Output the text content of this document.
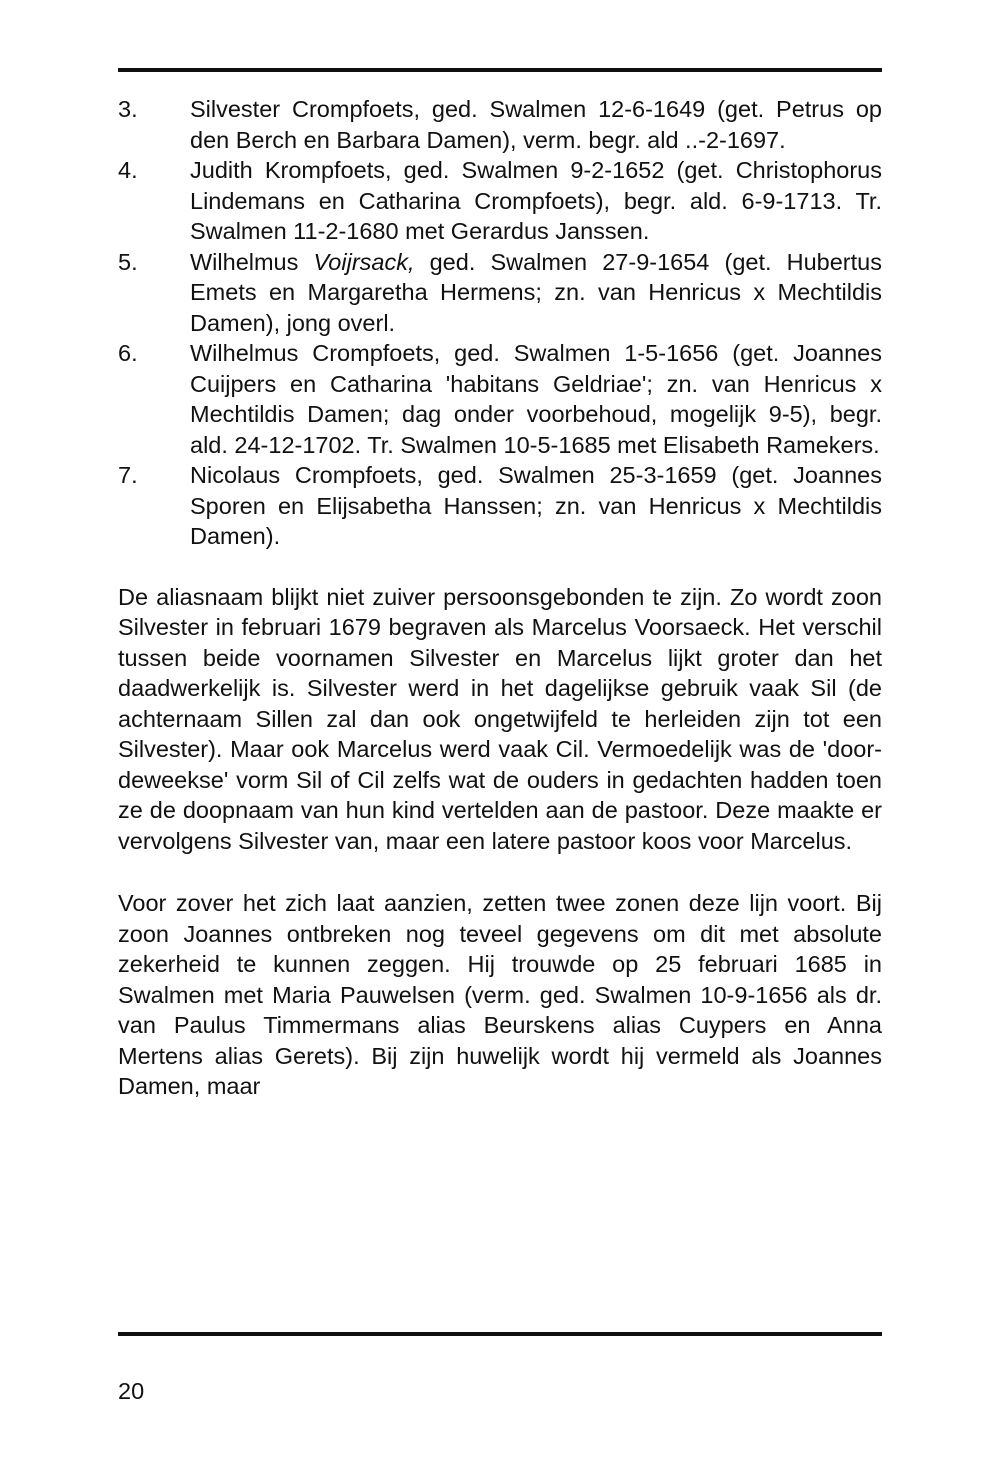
3.	Silvester Crompfoets, ged. Swalmen 12-6-1649 (get. Petrus op den Berch en Barbara Damen), verm. begr. ald ..-2-1697.
4.	Judith Krompfoets, ged. Swalmen 9-2-1652 (get. Christophorus Lindemans en Catharina Crompfoets), begr. ald. 6-9-1713. Tr. Swalmen 11-2-1680 met Gerardus Janssen.
5.	Wilhelmus Voijrsack, ged. Swalmen 27-9-1654 (get. Hubertus Emets en Margaretha Hermens; zn. van Henricus x Mechtildis Damen), jong overl.
6.	Wilhelmus Crompfoets, ged. Swalmen 1-5-1656 (get. Joannes Cuijpers en Catharina 'habitans Geldriae'; zn. van Henricus x Mechtildis Damen; dag onder voorbehoud, mogelijk 9-5), begr. ald. 24-12-1702. Tr. Swalmen 10-5-1685 met Elisabeth Ramekers.
7.	Nicolaus Crompfoets, ged. Swalmen 25-3-1659 (get. Joannes Sporen en Elijsabetha Hanssen; zn. van Henricus x Mechtildis Damen).

De aliasnaam blijkt niet zuiver persoonsgebonden te zijn. Zo wordt zoon Silvester in februari 1679 begraven als Marcelus Voorsaeck. Het verschil tussen beide voornamen Silvester en Marcelus lijkt groter dan het daadwerkelijk is. Silvester werd in het dagelijkse gebruik vaak Sil (de achternaam Sillen zal dan ook ongetwijfeld te herleiden zijn tot een Silvester). Maar ook Marcelus werd vaak Cil. Vermoedelijk was de 'door-deweekse' vorm Sil of Cil zelfs wat de ouders in gedachten hadden toen ze de doopnaam van hun kind vertelden aan de pastoor. Deze maakte er vervolgens Silvester van, maar een latere pastoor koos voor Marcelus.

Voor zover het zich laat aanzien, zetten twee zonen deze lijn voort. Bij zoon Joannes ontbreken nog teveel gegevens om dit met absolute zekerheid te kunnen zeggen. Hij trouwde op 25 februari 1685 in Swalmen met Maria Pauwelsen (verm. ged. Swalmen 10-9-1656 als dr. van Paulus Timmermans alias Beurskens alias Cuypers en Anna Mertens alias Gerets). Bij zijn huwelijk wordt hij vermeld als Joannes Damen, maar

20
